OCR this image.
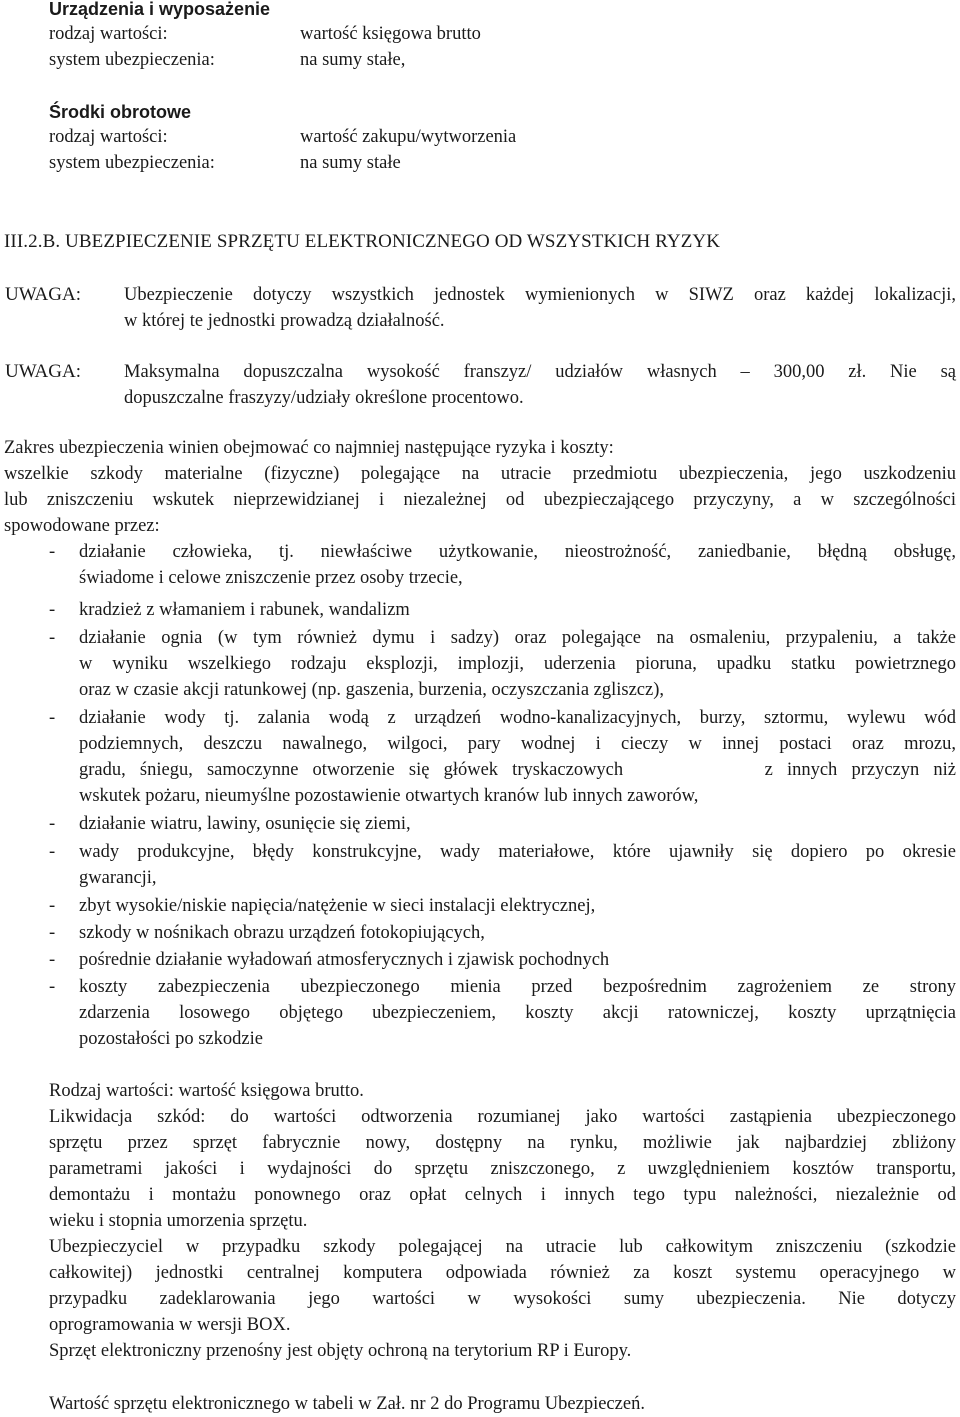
Urządzenia i wyposażenie
rodzaj wartości:	wartość księgowa brutto
system ubezpieczenia:	na sumy stałe,
Środki obrotowe
rodzaj wartości:	wartość zakupu/wytworzenia
system ubezpieczenia:	na sumy stałe
III.2.B. UBEZPIECZENIE SPRZĘTU ELEKTRONICZNEGO OD WSZYSTKICH RYZYK
UWAGA: Ubezpieczenie dotyczy wszystkich jednostek wymienionych w SIWZ oraz każdej lokalizacji,
w której te jednostki prowadzą działalność.
UWAGA: Maksymalna dopuszczalna wysokość franszyz/ udziałów własnych – 300,00 zł. Nie są
dopuszczalne fraszyzy/udziały określone procentowo.
Zakres ubezpieczenia winien obejmować co najmniej następujące ryzyka i koszty:
wszelkie szkody materialne (fizyczne) polegające na utracie przedmiotu ubezpieczenia, jego uszkodzeniu
lub zniszczeniu wskutek nieprzewidzianej i niezależnej od ubezpieczającego przyczyny, a w szczególności
spowodowane przez:
- działanie człowieka, tj. niewłaściwe użytkowanie, nieostrożność, zaniedbanie, błędną obsługę,
świadome i celowe zniszczenie przez osoby trzecie,
- kradzież z włamaniem i rabunek, wandalizm
- działanie ognia (w tym również dymu i sadzy) oraz polegające na osmaleniu, przypaleniu, a także
w wyniku wszelkiego rodzaju eksplozji, implozji, uderzenia pioruna, upadku statku powietrznego
oraz w czasie akcji ratunkowej (np. gaszenia, burzenia, oczyszczania zgliszcz),
- działanie wody tj. zalania wodą z urządzeń wodno-kanalizacyjnych, burzy, sztormu, wylewu wód
podziemnych, deszczu nawalnego, wilgoci, pary wodnej i cieczy w innej postaci oraz mrozu,
gradu, śniegu, samoczynne otworzenie się główek tryskaczowych          z innych przyczyn niż
wskutek pożaru, nieumyślne pozostawienie otwartych kranów lub innych zaworów,
- działanie wiatru, lawiny, osunięcie się ziemi,
- wady produkcyjne, błędy konstrukcyjne, wady materiałowe, które ujawniły się dopiero po okresie
gwarancji,
- zbyt wysokie/niskie napięcia/natężenie w sieci instalacji elektrycznej,
- szkody w nośnikach obrazu urządzeń fotokopiujących,
- pośrednie działanie wyładowań atmosferycznych i zjawisk pochodnych
- koszty zabezpieczenia ubezpieczonego mienia przed bezpośrednim zagrożeniem ze strony
zdarzenia losowego objętego ubezpieczeniem, koszty akcji ratowniczej, koszty uprzątnięcia
pozostałości po szkodzie
Rodzaj wartości: wartość księgowa brutto.
Likwidacja szkód: do wartości odtworzenia rozumianej jako wartości zastąpienia ubezpieczonego
sprzętu przez sprzęt fabrycznie nowy, dostępny na rynku, możliwie jak najbardziej zbliżony
parametrami jakości i wydajności do sprzętu zniszczonego, z uwzględnieniem kosztów transportu,
demontażu i montażu ponownego oraz opłat celnych i innych tego typu należności, niezależnie od
wieku i stopnia umorzenia sprzętu.
Ubezpieczyciel w przypadku szkody polegającej na utracie lub całkowitym zniszczeniu (szkodzie
całkowitej) jednostki centralnej komputera odpowiada również za koszt systemu operacyjnego w
przypadku zadeklarowania jego wartości w wysokości sumy ubezpieczenia. Nie dotyczy
oprogramowania w wersji BOX.
Sprzęt elektroniczny przenośny jest objęty ochroną na terytorium RP i Europy.
Wartość sprzętu elektronicznego w tabeli w Zał. nr 2 do Programu Ubezpieczeń.
